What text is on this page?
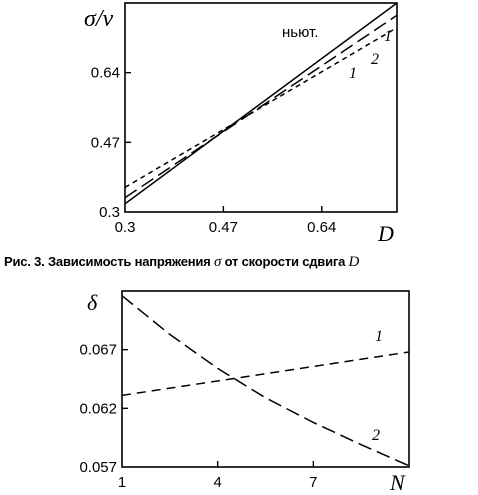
0.3	0.47	0.64
0.3
0.47
0.64
σ/ν
D
ньют.
2
1
1
1	4	7
0.057
0.062
0.067
δ
N
1
2
Рис. 3. Зависимость напряжения σ от скорости сдвига D
